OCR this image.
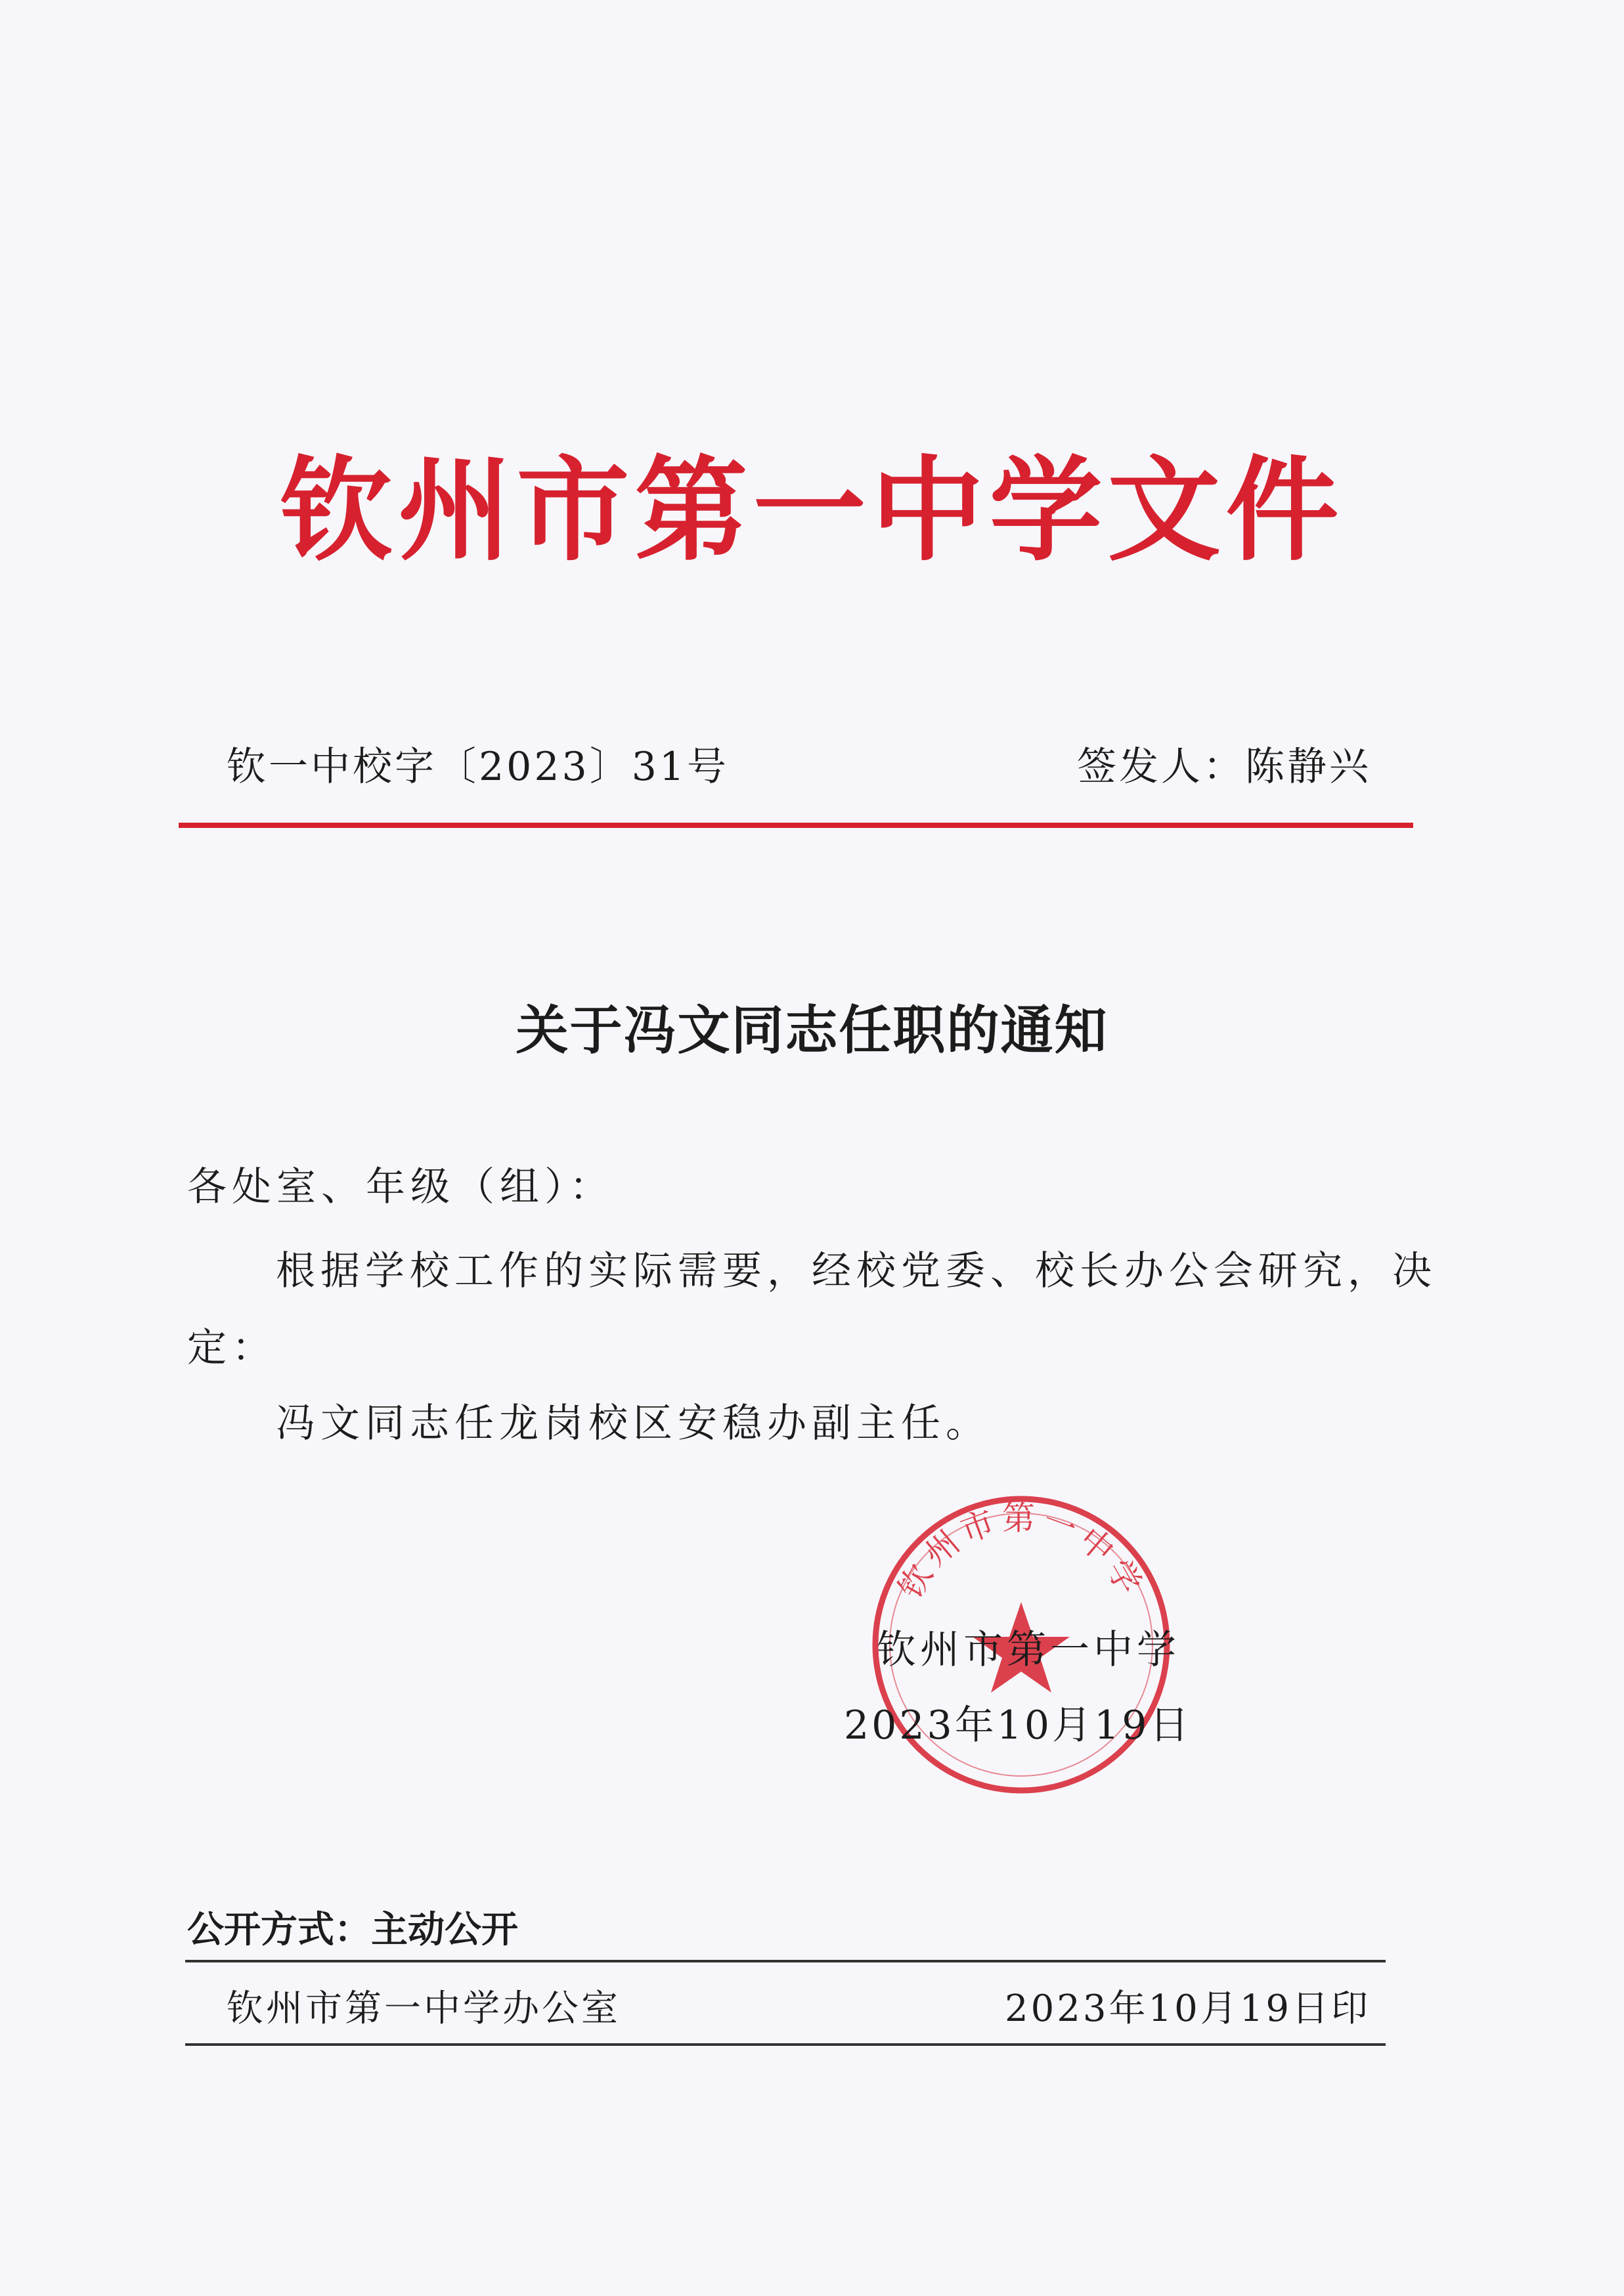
钦州市第一中学文件
钦一中校字〔2023〕31号	签发人：陈静兴
关于冯文同志任职的通知
各处室、年级（组）：
根据学校工作的实际需要，经校党委、校长办公会研究，决
定：
冯文同志任龙岗校区安稳办副主任。
钦州市第一中学
钦州市第一中学
2023年10月19日
公开方式：主动公开
钦州市第一中学办公室	2023年10月19日印
